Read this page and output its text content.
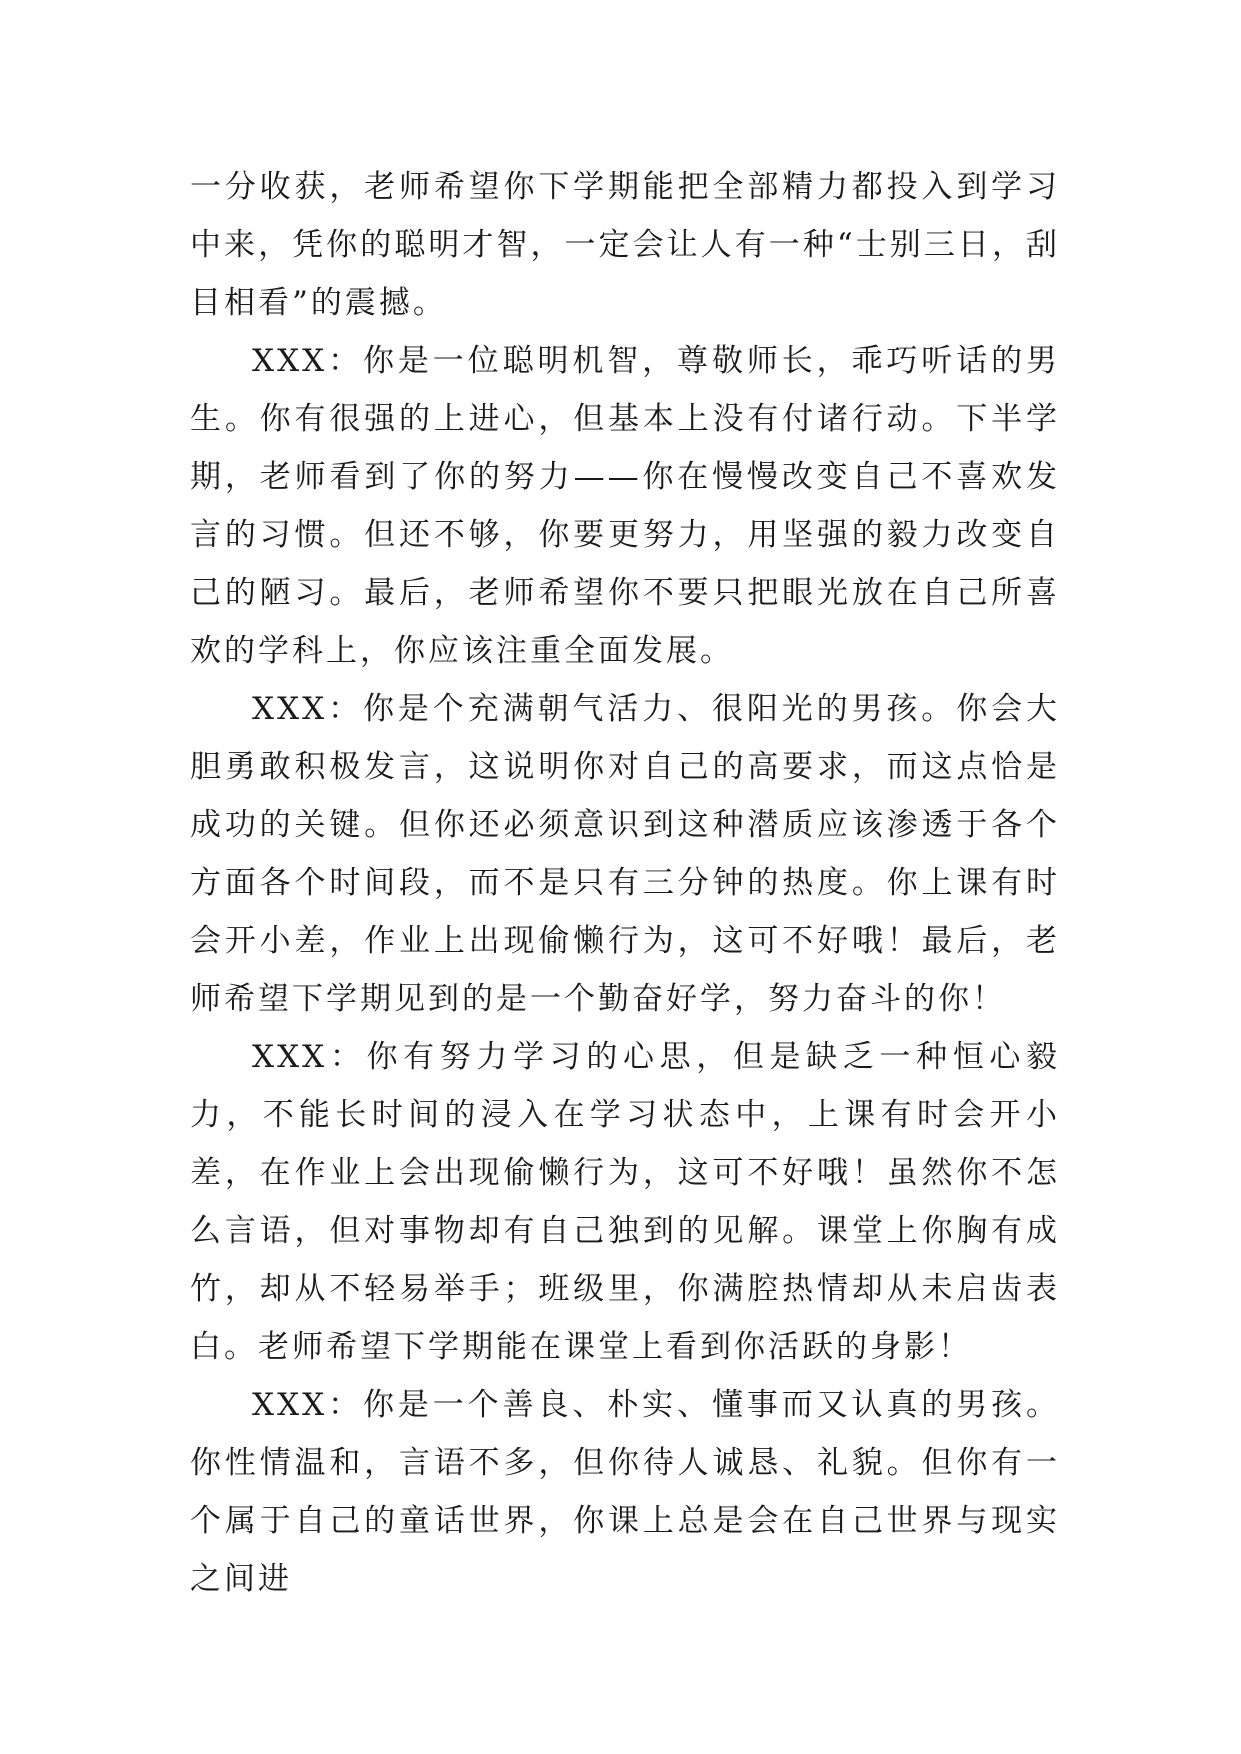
一分收获，老师希望你下学期能把全部精力都投入到学习中来，凭你的聪明才智，一定会让人有一种“士别三日，刮目相看”的震撼。

XXX：你是一位聪明机智，尊敬师长，乖巧听话的男生。你有很强的上进心，但基本上没有付诸行动。下半学期，老师看到了你的努力——你在慢慢改变自己不喜欢发言的习惯。但还不够，你要更努力，用坚强的毅力改变自己的陋习。最后，老师希望你不要只把眼光放在自己所喜欢的学科上，你应该注重全面发展。

XXX：你是个充满朝气活力、很阳光的男孩。你会大胆勇敢积极发言，这说明你对自己的高要求，而这点恰是成功的关键。但你还必须意识到这种潜质应该渗透于各个方面各个时间段，而不是只有三分钟的热度。你上课有时会开小差，作业上出现偷懒行为，这可不好哦！最后，老师希望下学期见到的是一个勤奋好学，努力奋斗的你！

XXX：你有努力学习的心思，但是缺乏一种恒心毅力，不能长时间的浸入在学习状态中，上课有时会开小差，在作业上会出现偷懒行为，这可不好哦！虽然你不怎么言语，但对事物却有自己独到的见解。课堂上你胸有成竹，却从不轻易举手；班级里，你满腔热情却从未启齿表白。老师希望下学期能在课堂上看到你活跃的身影！

XXX：你是一个善良、朴实、懂事而又认真的男孩。你性情温和，言语不多，但你待人诚恳、礼貌。但你有一个属于自己的童话世界，你课上总是会在自己世界与现实之间进
